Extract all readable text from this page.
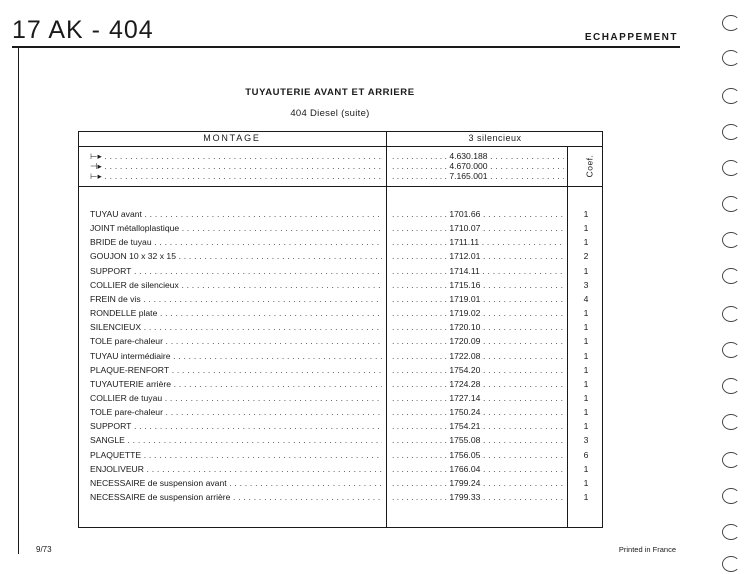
17 AK - 404	ECHAPPEMENT
TUYAUTERIE AVANT ET ARRIERE
404 Diesel (suite)
MONTAGE	3 silencieux
Coef.
⊢▸ . . .	. . . . . . . . . . . . 4.630.188 . . .
⊣▸ . . .	. . . . . . . . . . . . 4.670.000 . . .
⊢▸ . . .	. . . . . . . . . . . . 7.165.001 . . .
TUYAU avant . . .	. . . . . . . . . . . . 1701.66 . . .	1
JOINT métalloplastique . . .	. . . . . . . . . . . . 1710.07 . . .	1
BRIDE de tuyau . . .	. . . . . . . . . . . . 1711.11 . . .	1
GOUJON 10 x 32 x 15 . . .	. . . . . . . . . . . . 1712.01 . . .	2
SUPPORT . . .	. . . . . . . . . . . . 1714.11 . . .	1
COLLIER de silencieux . . .	. . . . . . . . . . . . 1715.16 . . .	3
FREIN de vis . . .	. . . . . . . . . . . . 1719.01 . . .	4
RONDELLE plate . . .	. . . . . . . . . . . . 1719.02 . . .	1
SILENCIEUX . . .	. . . . . . . . . . . . 1720.10 . . .	1
TOLE pare-chaleur . . .	. . . . . . . . . . . . 1720.09 . . .	1
TUYAU intermédiaire . . .	. . . . . . . . . . . . 1722.08 . . .	1
PLAQUE-RENFORT . . .	. . . . . . . . . . . . 1754.20 . . .	1
TUYAUTERIE arrière . . .	. . . . . . . . . . . . 1724.28 . . .	1
COLLIER de tuyau . . .	. . . . . . . . . . . . 1727.14 . . .	1
TOLE pare-chaleur . . .	. . . . . . . . . . . . 1750.24 . . .	1
SUPPORT . . .	. . . . . . . . . . . . 1754.21 . . .	1
SANGLE . . .	. . . . . . . . . . . . 1755.08 . . .	3
PLAQUETTE . . .	. . . . . . . . . . . . 1756.05 . . .	6
ENJOLIVEUR . . .	. . . . . . . . . . . . 1766.04 . . .	1
NECESSAIRE de suspension avant . . .	. . . . . . . . . . . . 1799.24 . . .	1
NECESSAIRE de suspension arrière . . .	. . . . . . . . . . . . 1799.33 . . .	1
9/73	Printed in France
